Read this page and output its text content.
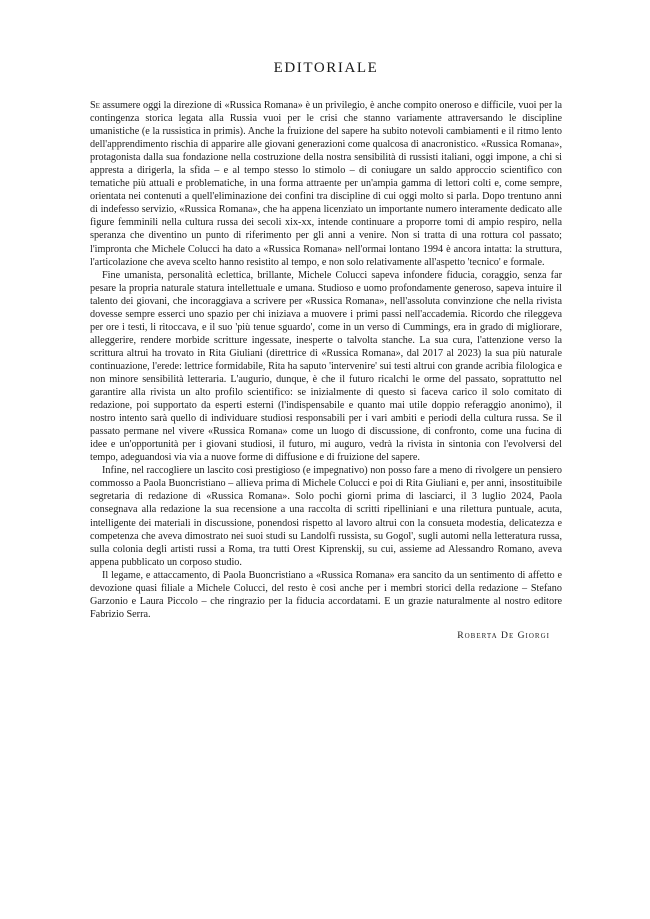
EDITORIALE

Se assumere oggi la direzione di «Russica Romana» è un privilegio, è anche compito oneroso e difficile, vuoi per la contingenza storica legata alla Russia vuoi per le crisi che stanno variamente attraversando le discipline umanistiche (e la russistica in primis). Anche la fruizione del sapere ha subito notevoli cambiamenti e il ritmo lento dell'apprendimento rischia di apparire alle giovani generazioni come qualcosa di anacronistico. «Russica Romana», protagonista dalla sua fondazione nella costruzione della nostra sensibilità di russisti italiani, oggi impone, a chi si appresta a dirigerla, la sfida – e al tempo stesso lo stimolo – di coniugare un saldo approccio scientifico con tematiche più attuali e problematiche, in una forma attraente per un'ampia gamma di lettori colti e, come sempre, orientata nei contenuti a quell'eliminazione dei confini tra discipline di cui oggi molto si parla. Dopo trentuno anni di indefesso servizio, «Russica Romana», che ha appena licenziato un importante numero interamente dedicato alle figure femminili nella cultura russa dei secoli xix-xx, intende continuare a proporre tomi di ampio respiro, nella speranza che diventino un punto di riferimento per gli anni a venire. Non si tratta di una rottura col passato; l'impronta che Michele Colucci ha dato a «Russica Romana» nell'ormai lontano 1994 è ancora intatta: la struttura, l'articolazione che aveva scelto hanno resistito al tempo, e non solo relativamente all'aspetto 'tecnico' e formale.

Fine umanista, personalità eclettica, brillante, Michele Colucci sapeva infondere fiducia, coraggio, senza far pesare la propria naturale statura intellettuale e umana. Studioso e uomo profondamente generoso, sapeva intuire il talento dei giovani, che incoraggiava a scrivere per «Russica Romana», nell'assoluta convinzione che nella rivista dovesse sempre esserci uno spazio per chi iniziava a muovere i primi passi nell'accademia. Ricordo che rileggeva per ore i testi, li ritoccava, e il suo 'più tenue sguardo', come in un verso di Cummings, era in grado di migliorare, alleggerire, rendere morbide scritture ingessate, inesperte o talvolta stanche. La sua cura, l'attenzione verso la scrittura altrui ha trovato in Rita Giuliani (direttrice di «Russica Romana», dal 2017 al 2023) la sua più naturale continuazione, l'erede: lettrice formidabile, Rita ha saputo 'intervenire' sui testi altrui con grande acribia filologica e non minore sensibilità letteraria. L'augurio, dunque, è che il futuro ricalchi le orme del passato, soprattutto nel garantire alla rivista un alto profilo scientifico: se inizialmente di questo si faceva carico il solo comitato di redazione, poi supportato da esperti esterni (l'indispensabile e quanto mai utile doppio referaggio anonimo), il nostro intento sarà quello di individuare studiosi responsabili per i vari ambiti e periodi della cultura russa. Se il passato permane nel vivere «Russica Romana» come un luogo di discussione, di confronto, come una fucina di idee e un'opportunità per i giovani studiosi, il futuro, mi auguro, vedrà la rivista in sintonia con l'evolversi del tempo, adeguandosi via via a nuove forme di diffusione e di fruizione del sapere.

Infine, nel raccogliere un lascito così prestigioso (e impegnativo) non posso fare a meno di rivolgere un pensiero commosso a Paola Buoncristiano – allieva prima di Michele Colucci e poi di Rita Giuliani e, per anni, insostituibile segretaria di redazione di «Russica Romana». Solo pochi giorni prima di lasciarci, il 3 luglio 2024, Paola consegnava alla redazione la sua recensione a una raccolta di scritti ripelliniani e una rilettura puntuale, acuta, intelligente dei materiali in discussione, ponendosi rispetto al lavoro altrui con la consueta modestia, delicatezza e competenza che aveva dimostrato nei suoi studi su Landolfi russista, su Gogol', sugli automi nella letteratura russa, sulla colonia degli artisti russi a Roma, tra tutti Orest Kiprenskij, su cui, assieme ad Alessandro Romano, aveva appena pubblicato un corposo studio.

Il legame, e attaccamento, di Paola Buoncristiano a «Russica Romana» era sancito da un sentimento di affetto e devozione quasi filiale a Michele Colucci, del resto è così anche per i membri storici della redazione – Stefano Garzonio e Laura Piccolo – che ringrazio per la fiducia accordatami. E un grazie naturalmente al nostro editore Fabrizio Serra.

Roberta De Giorgi
